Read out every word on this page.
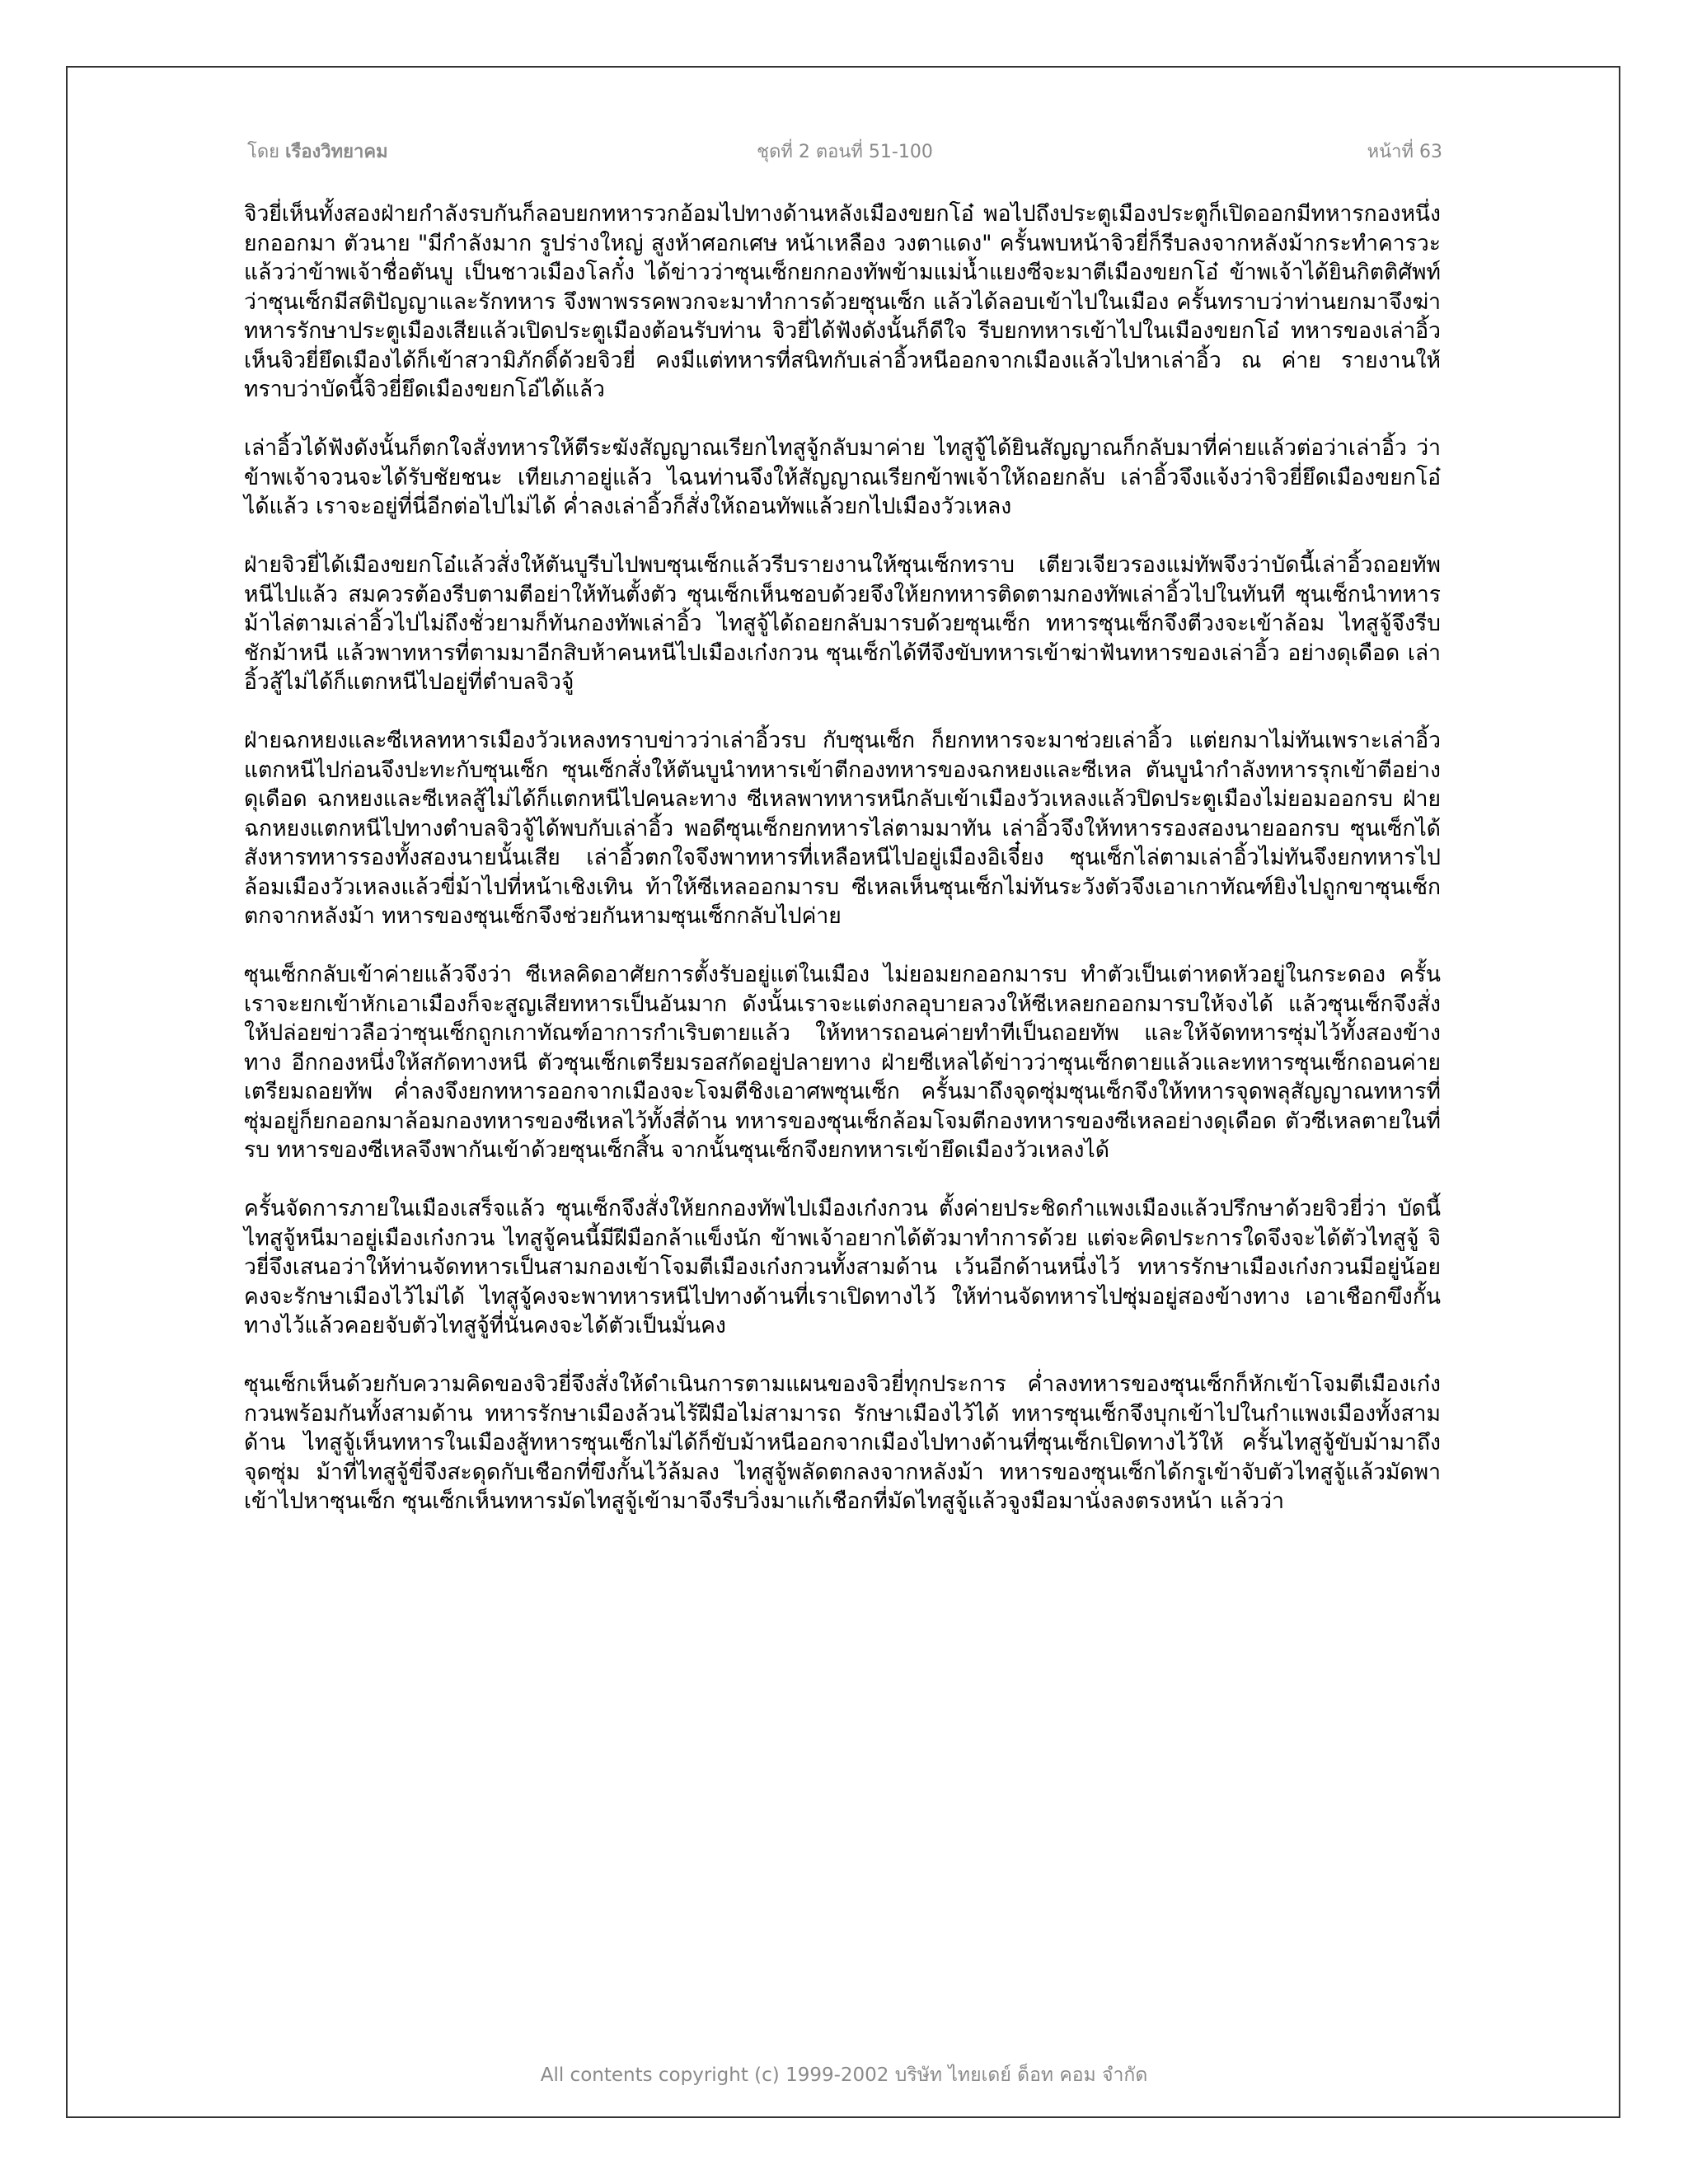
โดย เรืองวิทยาคม	ชุดที่ 2 ตอนที่ 51-100	หน้าที่ 63

จิวยี่เห็นทั้งสองฝ่ายกำลังรบกันก็ลอบยกทหารวกอ้อมไปทางด้านหลังเมืองขยกโอ๋ พอไปถึงประตูเมืองประตูก็เปิดออกมีทหารกองหนึ่งยกออกมา ตัวนาย "มีกำลังมาก รูปร่างใหญ่ สูงห้าศอกเศษ หน้าเหลือง วงตาแดง" ครั้นพบหน้าจิวยี่ก็รีบลงจากหลังม้ากระทำคารวะ แล้วว่าข้าพเจ้าชื่อตันบู เป็นชาวเมืองโลกั๋ง ได้ข่าวว่าซุนเซ็กยกกองทัพข้ามแม่น้ำแยงซีจะมาตีเมืองขยกโอ๋ ข้าพเจ้าได้ยินกิตติศัพท์ว่าซุนเซ็กมีสติปัญญาและรักทหาร จึงพาพรรคพวกจะมาทำการด้วยซุนเซ็ก แล้วได้ลอบเข้าไปในเมือง ครั้นทราบว่าท่านยกมาจึงฆ่าทหารรักษาประตูเมืองเสียแล้วเปิดประตูเมืองต้อนรับท่าน จิวยี่ได้ฟังดังนั้นก็ดีใจ รีบยกทหารเข้าไปในเมืองขยกโอ๋ ทหารของเล่าอิ้วเห็นจิวยี่ยึดเมืองได้ก็เข้าสวามิภักดิ์ด้วยจิวยี่ คงมีแต่ทหารที่สนิทกับเล่าอิ้วหนีออกจากเมืองแล้วไปหาเล่าอิ้ว ณ ค่าย รายงานให้ทราบว่าบัดนี้จิวยี่ยึดเมืองขยกโอ๋ได้แล้ว

เล่าอิ้วได้ฟังดังนั้นก็ตกใจสั่งทหารให้ตีระฆังสัญญาณเรียกไทสูจู้กลับมาค่าย ไทสูจู้ได้ยินสัญญาณก็กลับมาที่ค่ายแล้วต่อว่าเล่าอิ้ว ว่าข้าพเจ้าจวนจะได้รับชัยชนะ เทียเภาอยู่แล้ว ไฉนท่านจึงให้สัญญาณเรียกข้าพเจ้าให้ถอยกลับ เล่าอิ้วจึงแจ้งว่าจิวยี่ยึดเมืองขยกโอ๋ได้แล้ว เราจะอยู่ที่นี่อีกต่อไปไม่ได้ ค่ำลงเล่าอิ้วก็สั่งให้ถอนทัพแล้วยกไปเมืองวัวเหลง

ฝ่ายจิวยี่ได้เมืองขยกโอ๋แล้วสั่งให้ตันบูรีบไปพบซุนเซ็กแล้วรีบรายงานให้ซุนเซ็กทราบ เตียวเจียวรองแม่ทัพจึงว่าบัดนี้เล่าอิ้วถอยทัพหนีไปแล้ว สมควรต้องรีบตามตีอย่าให้ทันตั้งตัว ซุนเซ็กเห็นชอบด้วยจึงให้ยกทหารติดตามกองทัพเล่าอิ้วไปในทันที ซุนเซ็กนำทหารม้าไล่ตามเล่าอิ้วไปไม่ถึงชั่วยามก็ทันกองทัพเล่าอิ้ว ไทสูจู้ได้ถอยกลับมารบด้วยซุนเซ็ก ทหารซุนเซ็กจึงตีวงจะเข้าล้อม ไทสูจู้จึงรีบชักม้าหนี แล้วพาทหารที่ตามมาอีกสิบห้าคนหนีไปเมืองเก๋งกวน ซุนเซ็กได้ทีจึงขับทหารเข้าฆ่าฟันทหารของเล่าอิ้ว อย่างดุเดือด เล่าอิ้วสู้ไม่ได้ก็แตกหนีไปอยู่ที่ตำบลจิวจู้

ฝ่ายฉกหยงและซีเหลทหารเมืองวัวเหลงทราบข่าวว่าเล่าอิ้วรบ กับซุนเซ็ก ก็ยกทหารจะมาช่วยเล่าอิ้ว แต่ยกมาไม่ทันเพราะเล่าอิ้วแตกหนีไปก่อนจึงปะทะกับซุนเซ็ก ซุนเซ็กสั่งให้ตันบูนำทหารเข้าตีกองทหารของฉกหยงและซีเหล ตันบูนำกำลังทหารรุกเข้าตีอย่างดุเดือด ฉกหยงและซีเหลสู้ไม่ได้ก็แตกหนีไปคนละทาง ซีเหลพาทหารหนีกลับเข้าเมืองวัวเหลงแล้วปิดประตูเมืองไม่ยอมออกรบ ฝ่ายฉกหยงแตกหนีไปทางตำบลจิวจู้ได้พบกับเล่าอิ้ว พอดีซุนเซ็กยกทหารไล่ตามมาทัน เล่าอิ้วจึงให้ทหารรองสองนายออกรบ ซุนเซ็กได้สังหารทหารรองทั้งสองนายนั้นเสีย เล่าอิ้วตกใจจึงพาทหารที่เหลือหนีไปอยู่เมืองอิเจี๋ยง ซุนเซ็กไล่ตามเล่าอิ้วไม่ทันจึงยกทหารไปล้อมเมืองวัวเหลงแล้วขี่ม้าไปที่หน้าเชิงเทิน ท้าให้ซีเหลออกมารบ ซีเหลเห็นซุนเซ็กไม่ทันระวังตัวจึงเอาเกาทัณฑ์ยิงไปถูกขาซุนเซ็กตกจากหลังม้า ทหารของซุนเซ็กจึงช่วยกันหามซุนเซ็กกลับไปค่าย

ซุนเซ็กกลับเข้าค่ายแล้วจึงว่า ซีเหลคิดอาศัยการตั้งรับอยู่แต่ในเมือง ไม่ยอมยกออกมารบ ทำตัวเป็นเต่าหดหัวอยู่ในกระดอง ครั้นเราจะยกเข้าหักเอาเมืองก็จะสูญเสียทหารเป็นอันมาก ดังนั้นเราจะแต่งกลอุบายลวงให้ซีเหลยกออกมารบให้จงได้ แล้วซุนเซ็กจึงสั่งให้ปล่อยข่าวลือว่าซุนเซ็กถูกเกาทัณฑ์อาการกำเริบตายแล้ว ให้ทหารถอนค่ายทำทีเป็นถอยทัพ และให้จัดทหารซุ่มไว้ทั้งสองข้างทาง อีกกองหนึ่งให้สกัดทางหนี ตัวซุนเซ็กเตรียมรอสกัดอยู่ปลายทาง ฝ่ายซีเหลได้ข่าวว่าซุนเซ็กตายแล้วและทหารซุนเซ็กถอนค่ายเตรียมถอยทัพ ค่ำลงจึงยกทหารออกจากเมืองจะโจมตีชิงเอาศพซุนเซ็ก ครั้นมาถึงจุดซุ่มซุนเซ็กจึงให้ทหารจุดพลุสัญญาณทหารที่ซุ่มอยู่ก็ยกออกมาล้อมกองทหารของซีเหลไว้ทั้งสี่ด้าน ทหารของซุนเซ็กล้อมโจมตีกองทหารของซีเหลอย่างดุเดือด ตัวซีเหลตายในที่รบ ทหารของซีเหลจึงพากันเข้าด้วยซุนเซ็กสิ้น จากนั้นซุนเซ็กจึงยกทหารเข้ายึดเมืองวัวเหลงได้

ครั้นจัดการภายในเมืองเสร็จแล้ว ซุนเซ็กจึงสั่งให้ยกกองทัพไปเมืองเก๋งกวน ตั้งค่ายประชิดกำแพงเมืองแล้วปรึกษาด้วยจิวยี่ว่า บัดนี้ไทสูจู้หนีมาอยู่เมืองเก๋งกวน ไทสูจู้คนนี้มีฝีมือกล้าแข็งนัก ข้าพเจ้าอยากได้ตัวมาทำการด้วย แต่จะคิดประการใดจึงจะได้ตัวไทสูจู้ จิวยี่จึงเสนอว่าให้ท่านจัดทหารเป็นสามกองเข้าโจมตีเมืองเก๋งกวนทั้งสามด้าน เว้นอีกด้านหนึ่งไว้ ทหารรักษาเมืองเก๋งกวนมีอยู่น้อยคงจะรักษาเมืองไว้ไม่ได้ ไทสูจู้คงจะพาทหารหนีไปทางด้านที่เราเปิดทางไว้ ให้ท่านจัดทหารไปซุ่มอยู่สองข้างทาง เอาเชือกขึงกั้นทางไว้แล้วคอยจับตัวไทสูจู้ที่นั่นคงจะได้ตัวเป็นมั่นคง

ซุนเซ็กเห็นด้วยกับความคิดของจิวยี่จึงสั่งให้ดำเนินการตามแผนของจิวยี่ทุกประการ ค่ำลงทหารของซุนเซ็กก็หักเข้าโจมตีเมืองเก๋งกวนพร้อมกันทั้งสามด้าน ทหารรักษาเมืองล้วนไร้ฝีมือไม่สามารถ รักษาเมืองไว้ได้ ทหารซุนเซ็กจึงบุกเข้าไปในกำแพงเมืองทั้งสามด้าน ไทสูจู้เห็นทหารในเมืองสู้ทหารซุนเซ็กไม่ได้ก็ขับม้าหนีออกจากเมืองไปทางด้านที่ซุนเซ็กเปิดทางไว้ให้ ครั้นไทสูจู้ขับม้ามาถึงจุดซุ่ม ม้าที่ไทสูจู้ขี่จึงสะดุดกับเชือกที่ขึงกั้นไว้ล้มลง ไทสูจู้พลัดตกลงจากหลังม้า ทหารของซุนเซ็กได้กรูเข้าจับตัวไทสูจู้แล้วมัดพาเข้าไปหาซุนเซ็ก ซุนเซ็กเห็นทหารมัดไทสูจู้เข้ามาจึงรีบวิ่งมาแก้เชือกที่มัดไทสูจู้แล้วจูงมือมานั่งลงตรงหน้า แล้วว่า

All contents copyright (c) 1999-2002 บริษัท ไทยเดย์ ด็อท คอม จำกัด
